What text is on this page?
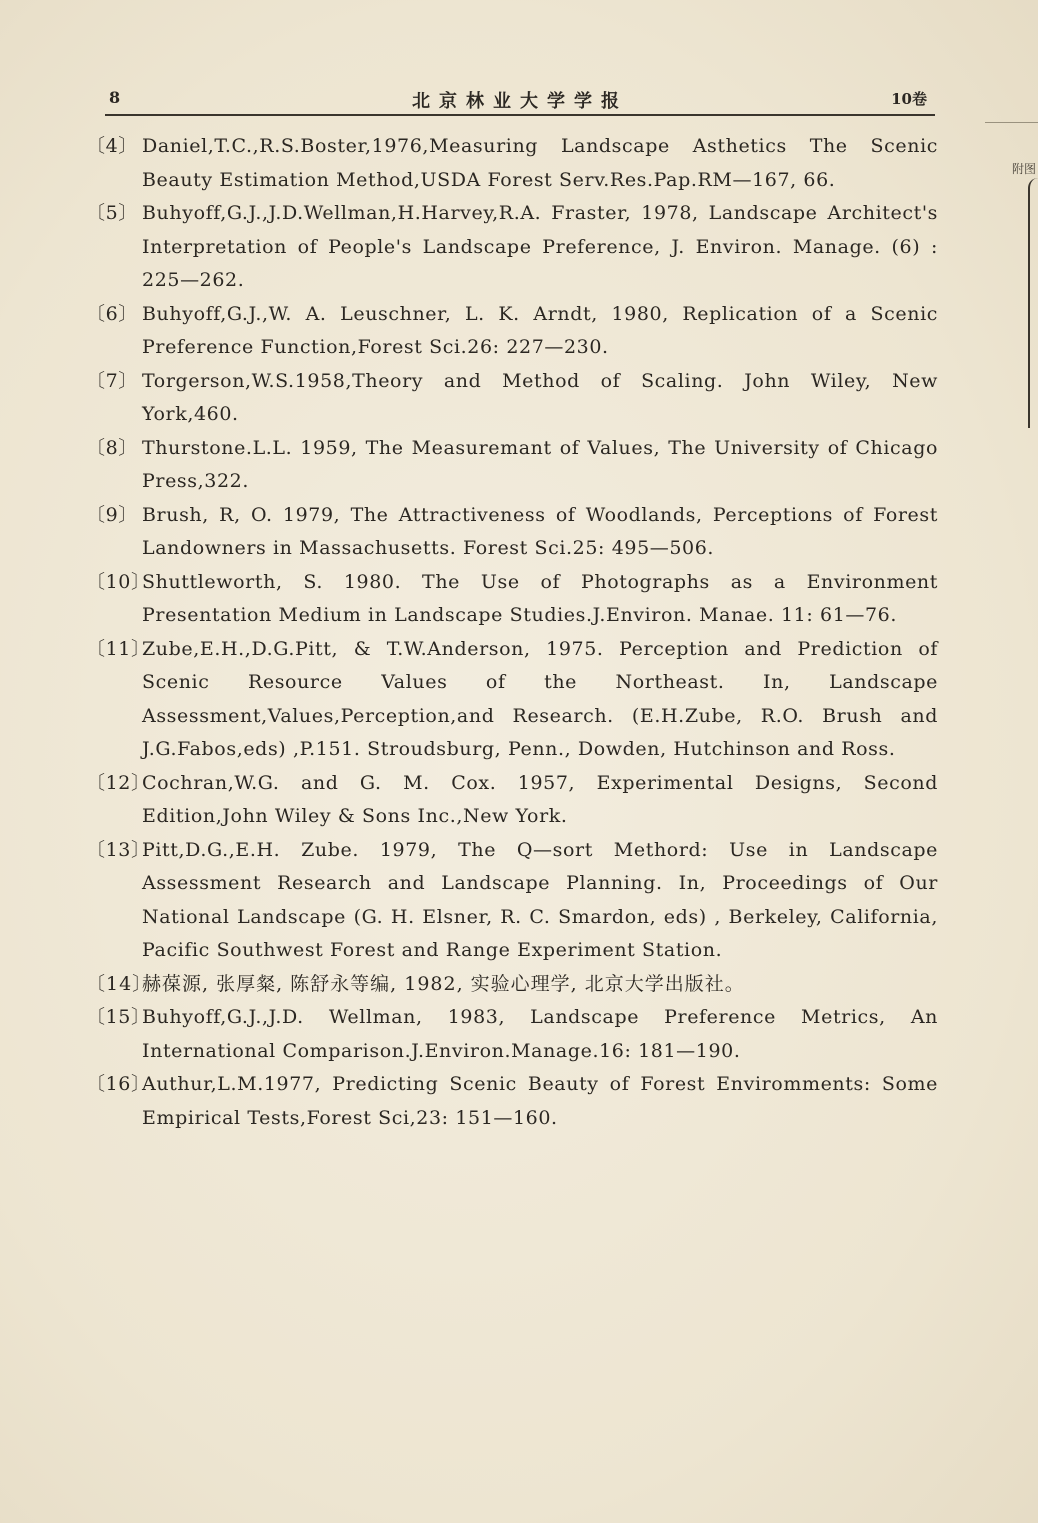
8	北京林业大学学报	10卷
〔4〕 Daniel,T.C.,R.S.Boster,1976,Measuring Landscape Asthetics The Scenic Beauty Estimation Method,USDA Forest Serv.Res.Pap.RM—167, 66.
〔5〕 Buhyoff,G.J.,J.D.Wellman,H.Harvey,R.A. Fraster, 1978, Landscape Architect's Interpretation of People's Landscape Preference, J. Environ. Manage. (6) : 225—262.
〔6〕 Buhyoff,G.J.,W. A. Leuschner, L. K. Arndt, 1980, Replication of a Scenic Preference Function,Forest Sci.26: 227—230.
〔7〕 Torgerson,W.S.1958,Theory and Method of Scaling. John Wiley, New York,460.
〔8〕 Thurstone.L.L. 1959, The Measuremant of Values, The University of Chicago Press,322.
〔9〕 Brush, R, O. 1979, The Attractiveness of Woodlands, Perceptions of Forest Landowners in Massachusetts. Forest Sci.25: 495—506.
〔10〕
Shuttleworth, S. 1980. The Use of Photographs as a Environment Presentation Medium in Landscape Studies.J.Environ. Manae. 11: 61—76.
〔11〕
Zube,E.H.,D.G.Pitt, & T.W.Anderson, 1975. Perception and Prediction of Scenic Resource Values of the Northeast. In, Landscape Assessment,Values,Perception,and Research. (E.H.Zube, R.O. Brush and J.G.Fabos,eds) ,P.151. Stroudsburg, Penn., Dowden, Hutchinson and Ross.
〔12〕
Cochran,W.G. and G. M. Cox. 1957, Experimental Designs, Second Edition,John Wiley & Sons Inc.,New York.
〔13〕
Pitt,D.G.,E.H. Zube. 1979, The Q—sort Methord: Use in Landscape Assessment Research and Landscape Planning. In, Proceedings of Our National Landscape (G. H. Elsner, R. C. Smardon, eds) , Berkeley, California, Pacific Southwest Forest and Range Experiment Station.
〔14〕
赫葆源, 张厚粲, 陈舒永等编, 1982, 实验心理学, 北京大学出版社。
〔15〕
Buhyoff,G.J.,J.D. Wellman, 1983, Landscape Preference Metrics, An International Comparison.J.Environ.Manage.16: 181—190.
〔16〕
Authur,L.M.1977, Predicting Scenic Beauty of Forest Enviromments: Some Empirical Tests,Forest Sci,23: 151—160.
附图
